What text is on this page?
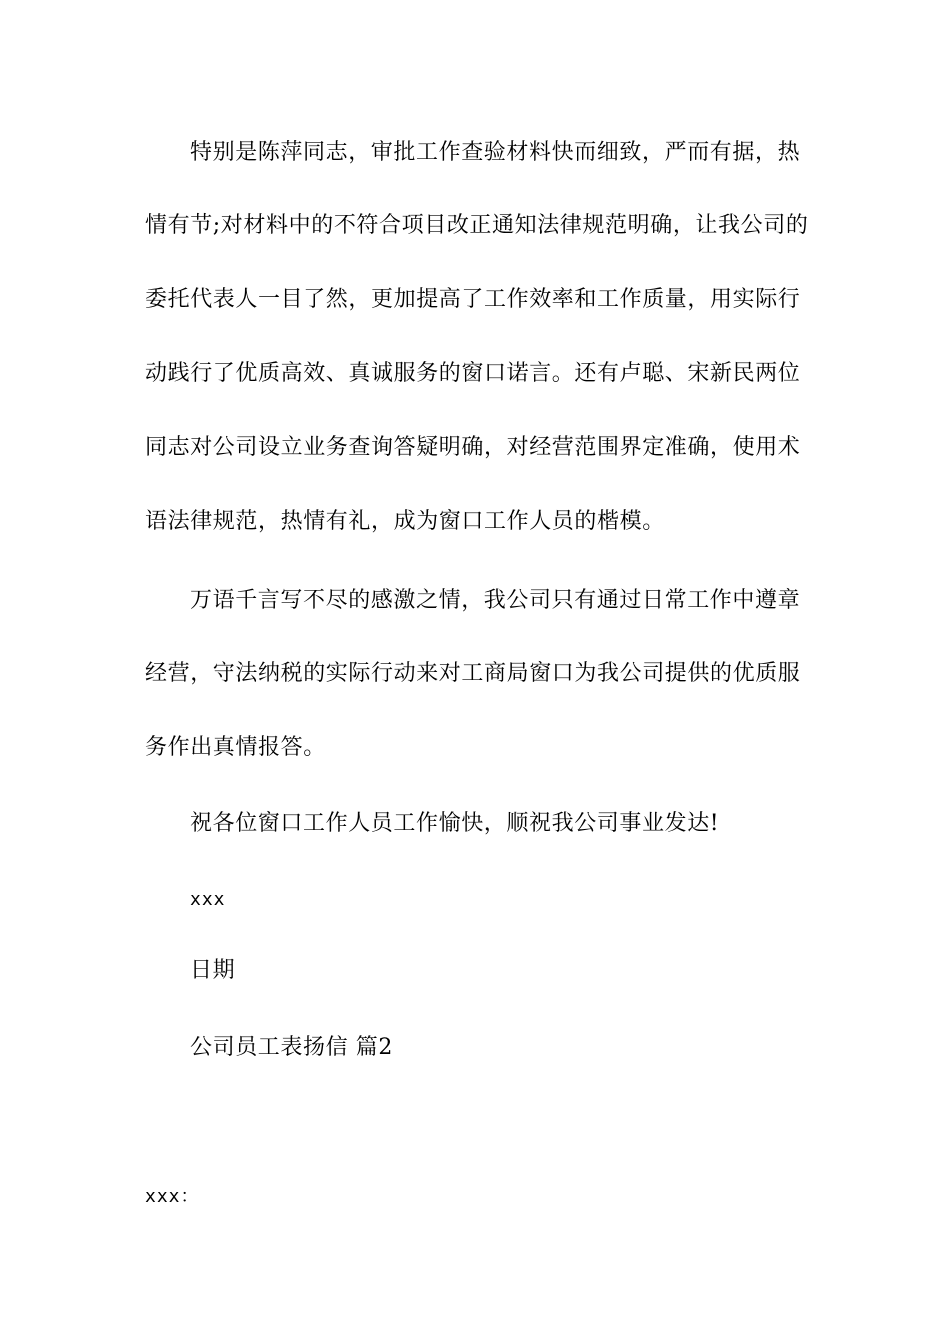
特别是陈萍同志，审批工作查验材料快而细致，严而有据，热
情有节;对材料中的不符合项目改正通知法律规范明确，让我公司的
委托代表人一目了然，更加提高了工作效率和工作质量，用实际行
动践行了优质高效、真诚服务的窗口诺言。还有卢聪、宋新民两位
同志对公司设立业务查询答疑明确，对经营范围界定准确，使用术
语法律规范，热情有礼，成为窗口工作人员的楷模。
万语千言写不尽的感激之情，我公司只有通过日常工作中遵章
经营，守法纳税的实际行动来对工商局窗口为我公司提供的优质服
务作出真情报答。
祝各位窗口工作人员工作愉快，顺祝我公司事业发达!
xxx
日期
公司员工表扬信 篇2
xxx：
